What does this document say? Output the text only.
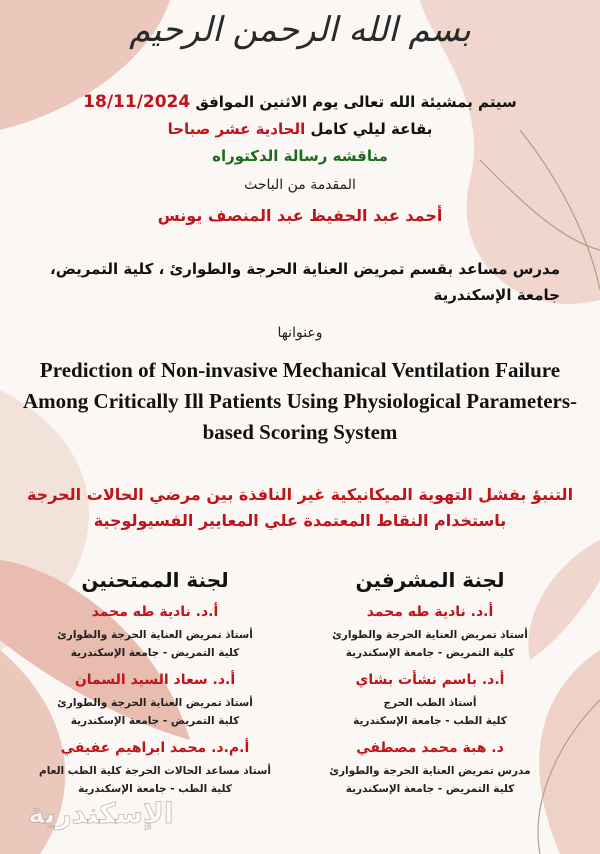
بسم الله الرحمن الرحيم
سيتم بمشيئة الله تعالى يوم الاثنين الموافق 18/11/2024
بقاعة ليلي كامل الحادية عشر صباحا
مناقشه رسالة الدكتوراه
المقدمة من الباحث
أحمد عبد الحفيظ عبد المنصف يونس
مدرس مساعد بقسم تمريض العناية الحرجة والطوارئ ، كلية التمريض، جامعة الإسكندرية
وعنوانها
Prediction of Non-invasive Mechanical Ventilation Failure Among Critically Ill Patients Using Physiological Parameters-based Scoring System
التنبؤ بفشل التهوية الميكانيكية غير النافذة بين مرضي الحالات الحرجة باستخدام النقاط المعتمدة علي المعايير الفسيولوجية
لجنة المشرفين
أ.د. نادية طه محمد
أستاذ تمريض العناية الحرجة والطوارئ
كلية التمريض - جامعة الإسكندرية
أ.د. باسم نشأت بشاي
أستاذ الطب الحرج
كلية الطب - جامعة الإسكندرية
د. هبة محمد مصطفي
مدرس تمريض العناية الحرجة والطوارئ
كلية التمريض - جامعة الإسكندرية
لجنة الممتحنين
أ.د. نادية طه محمد
أستاذ تمريض العناية الحرجة والطوارئ
كلية التمريض - جامعة الإسكندرية
أ.د. سعاد السيد السمان
أستاذ تمريض العناية الحرجة والطوارئ
كلية التمريض - جامعة الإسكندرية
أ.م.د. محمد ابراهيم عفيفي
أستاذ مساعد الحالات الحرجة كلية الطب العام
كلية الطب - جامعة الإسكندرية
الإسكندرية
